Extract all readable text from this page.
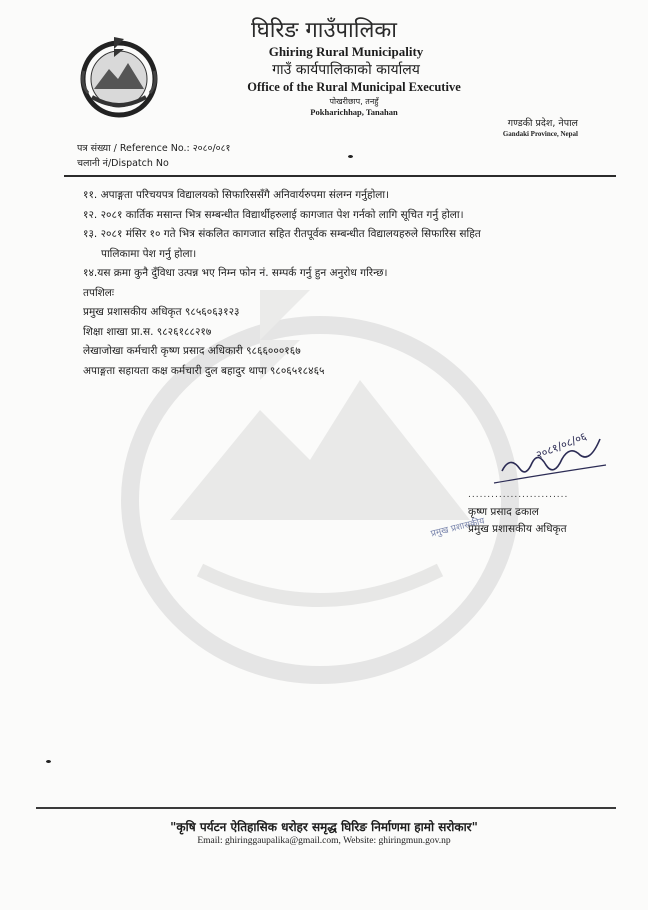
घिरिङ गाउँपालिका
Ghiring Rural Municipality
गाउँ कार्यपालिकाको कार्यालय
Office of the Rural Municipal Executive
पोखरीछाप, तनहुँ
Pokharichhap, Tanahan
गण्डकी प्रदेश, नेपाल
Gandaki Province, Nepal
पत्र संख्या / Reference No.: २०८०/०८१
चलानी नं/Dispatch No

११. अपाङ्गता परिचयपत्र विद्यालयको सिफारिससँगै अनिवार्यरुपमा संलग्न गर्नुहोला।

१२. २०८१ कार्तिक मसान्त भित्र सम्बन्धीत विद्यार्थीहरुलाई कागजात पेश गर्नको लागि सूचित गर्नु होला।

१३. २०८१ मंसिर १० गते भित्र संकलित कागजात सहित रीतपूर्वक सम्बन्धीत विद्यालयहरुले सिफारिस सहित

पालिकामा पेश गर्नु होला।

१४.यस क्रमा कुनै दुँविधा उत्पन्न भए निम्न फोन नं. सम्पर्क गर्नु हुन अनुरोध गरिन्छ।

तपशिलः

प्रमुख प्रशासकीय अधिकृत ९८५६०६३१२३

शिक्षा शाखा प्रा.स. ९८२६१८८२१७

लेखाजोखा कर्मचारी कृष्ण प्रसाद अधिकारी ९८६६०००१६७

अपाङ्गता सहायता कक्ष कर्मचारी दुल बहादुर थापा ९८०६५१८४६५

२०८१/०८/०६
..........................
कृष्ण प्रसाद ढकाल
प्रमुख प्रशासकीय अधिकृत
प्रमुख प्रशासकीय
"कृषि पर्यटन ऐतिहासिक धरोहर समृद्ध घिरिङ निर्माणमा हामो सरोकार"
Email: ghiringgaupalika@gmail.com, Website: ghiringmun.gov.np
